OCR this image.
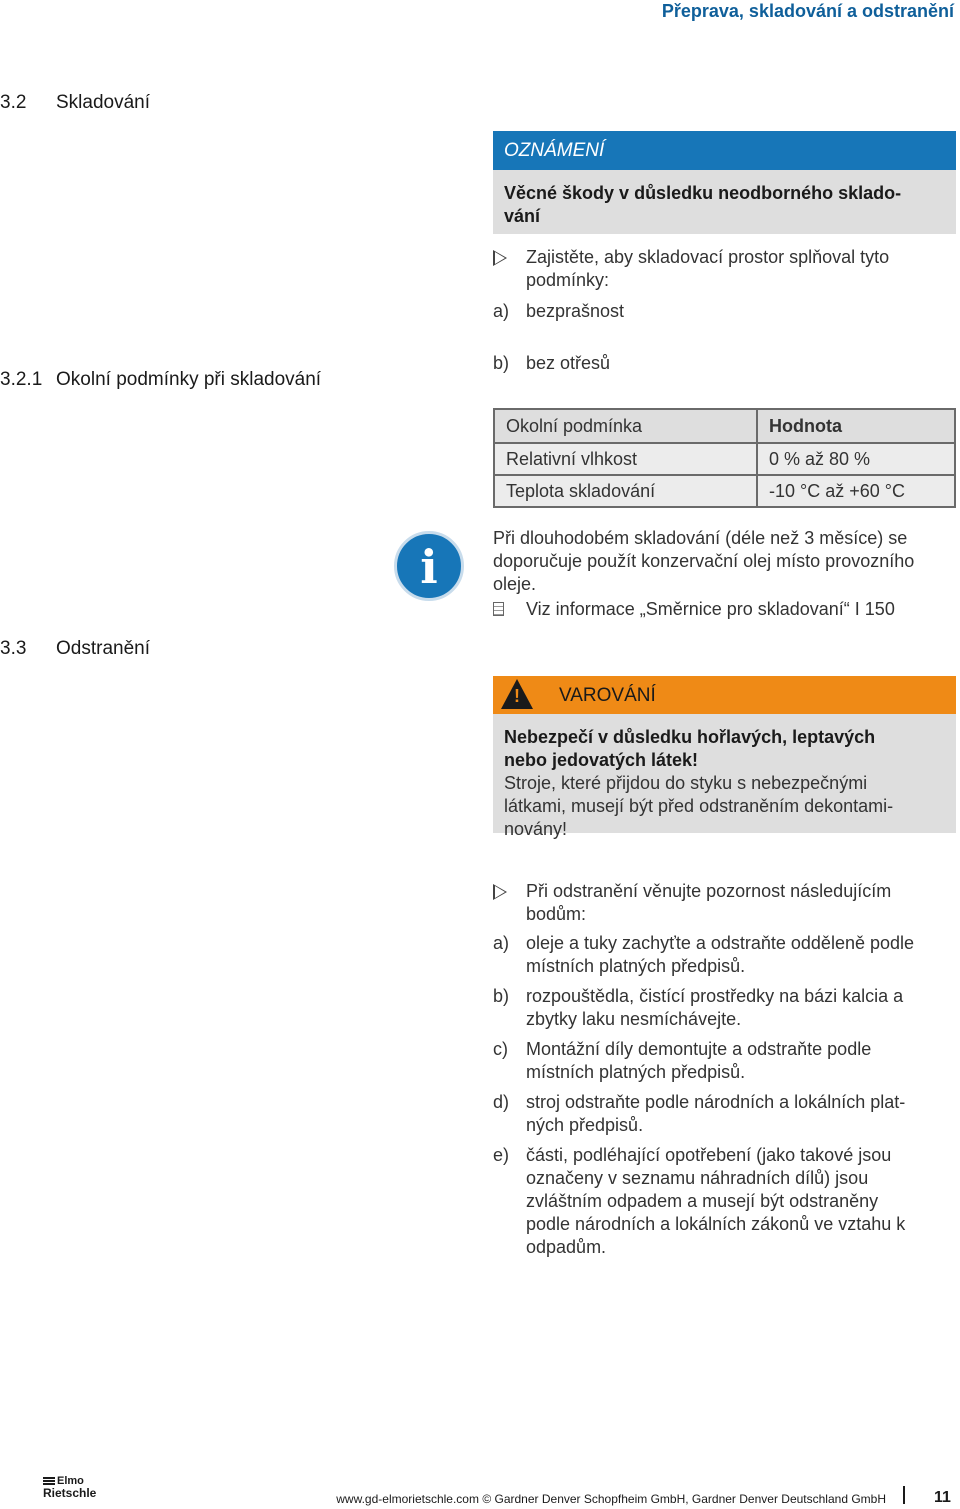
Přeprava, skladování a odstranění
3.2 Skladování
OZNÁMENÍ
Věcné škody v důsledku neodborného sklado-
vání
Zajistěte, aby skladovací prostor splňoval tyto
podmínky:
a) bezprašnost
b) bez otřesů
3.2.1 Okolní podmínky při skladování
Okolní podmínka	Hodnota
Relativní vlhkost	0 % až 80 %
Teplota skladování	-10 °C až +60 °C
i
Při dlouhodobém skladování (déle než 3 měsíce) se
doporučuje použít konzervační olej místo provozního
oleje.
Viz informace „Směrnice pro skladovaní“ I 150
3.3 Odstranění
! VAROVÁNÍ
Nebezpečí v důsledku hořlavých, leptavých
nebo jedovatých látek!
Stroje, které přijdou do styku s nebezpečnými
látkami, musejí být před odstraněním dekontami-
novány!
Při odstranění věnujte pozornost následujícím
bodům:
a) oleje a tuky zachyťte a odstraňte odděleně podle
místních platných předpisů.
b) rozpouštědla, čistící prostředky na bázi kalcia a
zbytky laku nesmíchávejte.
c) Montážní díly demontujte a odstraňte podle
místních platných předpisů.
d) stroj odstraňte podle národních a lokálních plat-
ných předpisů.
e) části, podléhající opotřebení (jako takové jsou
označeny v seznamu náhradních dílů) jsou
zvláštním odpadem a musejí být odstraněny
podle národních a lokálních zákonů ve vztahu k
odpadům.
Elmo
Rietschle	www.gd-elmorietschle.com © Gardner Denver Schopfheim GmbH, Gardner Denver Deutschland GmbH	11
